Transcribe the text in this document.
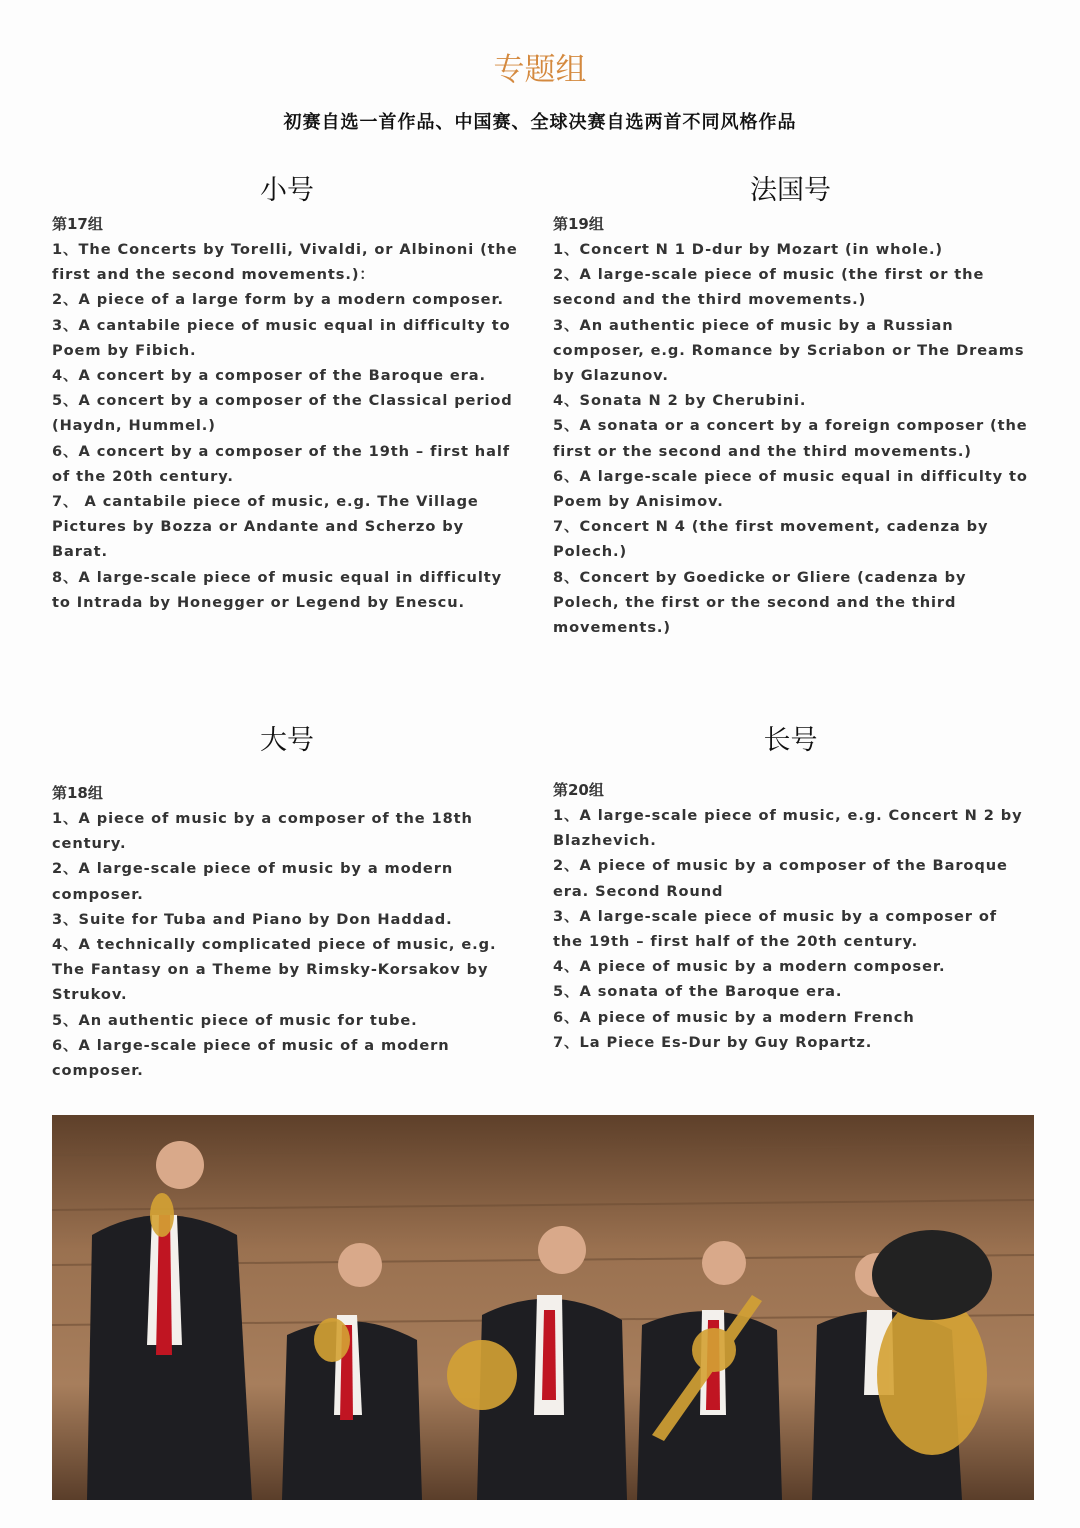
专题组
初赛自选一首作品、中国赛、全球决赛自选两首不同风格作品
小号
第17组
1、The Concerts by Torelli, Vivaldi, or Albinoni (the first and the second movements.)：
2、A piece of a large form by a modern composer.
3、A cantabile piece of music equal in difficulty to Poem by Fibich.
4、A concert by a composer of the Baroque era.
5、A concert by a composer of the Classical period (Haydn, Hummel.)
6、A concert by a composer of the 19th – first half of the 20th century.
7、 A cantabile piece of music, e.g. The Village Pictures by Bozza or Andante and Scherzo by Barat.
8、A large-scale piece of music equal in difficulty to Intrada by Honegger or Legend by Enescu.
法国号
第19组
1、Concert N 1 D-dur by Mozart (in whole.)
2、A large-scale piece of music (the first or the second and the third movements.)
3、An authentic piece of music by a Russian composer, e.g. Romance by Scriabon or The Dreams by Glazunov.
4、Sonata N 2 by Cherubini.
5、A sonata or a concert by a foreign composer (the first or the second and the third movements.)
6、A large-scale piece of music equal in difficulty to Poem by Anisimov.
7、Concert N 4 (the first movement, cadenza by Polech.)
8、Concert by Goedicke or Gliere (cadenza by Polech, the first or the second and the third movements.)
大号
第18组
1、A piece of music by a composer of the 18th century.
2、A large-scale piece of music by a modern composer.
3、Suite for Tuba and Piano by Don Haddad.
4、A technically complicated piece of music, e.g. The Fantasy on a Theme by Rimsky-Korsakov by Strukov.
5、An authentic piece of music for tube.
6、A large-scale piece of music of a modern composer.
长号
第20组
1、A large-scale piece of music, e.g. Concert N 2 by Blazhevich.
2、A piece of music by a composer of the Baroque era. Second Round
3、A large-scale piece of music by a composer of the 19th – first half of the 20th century.
4、A piece of music by a modern composer.
5、A sonata of the Baroque era.
6、A piece of music by a modern French
7、La Piece Es-Dur by Guy Ropartz.
